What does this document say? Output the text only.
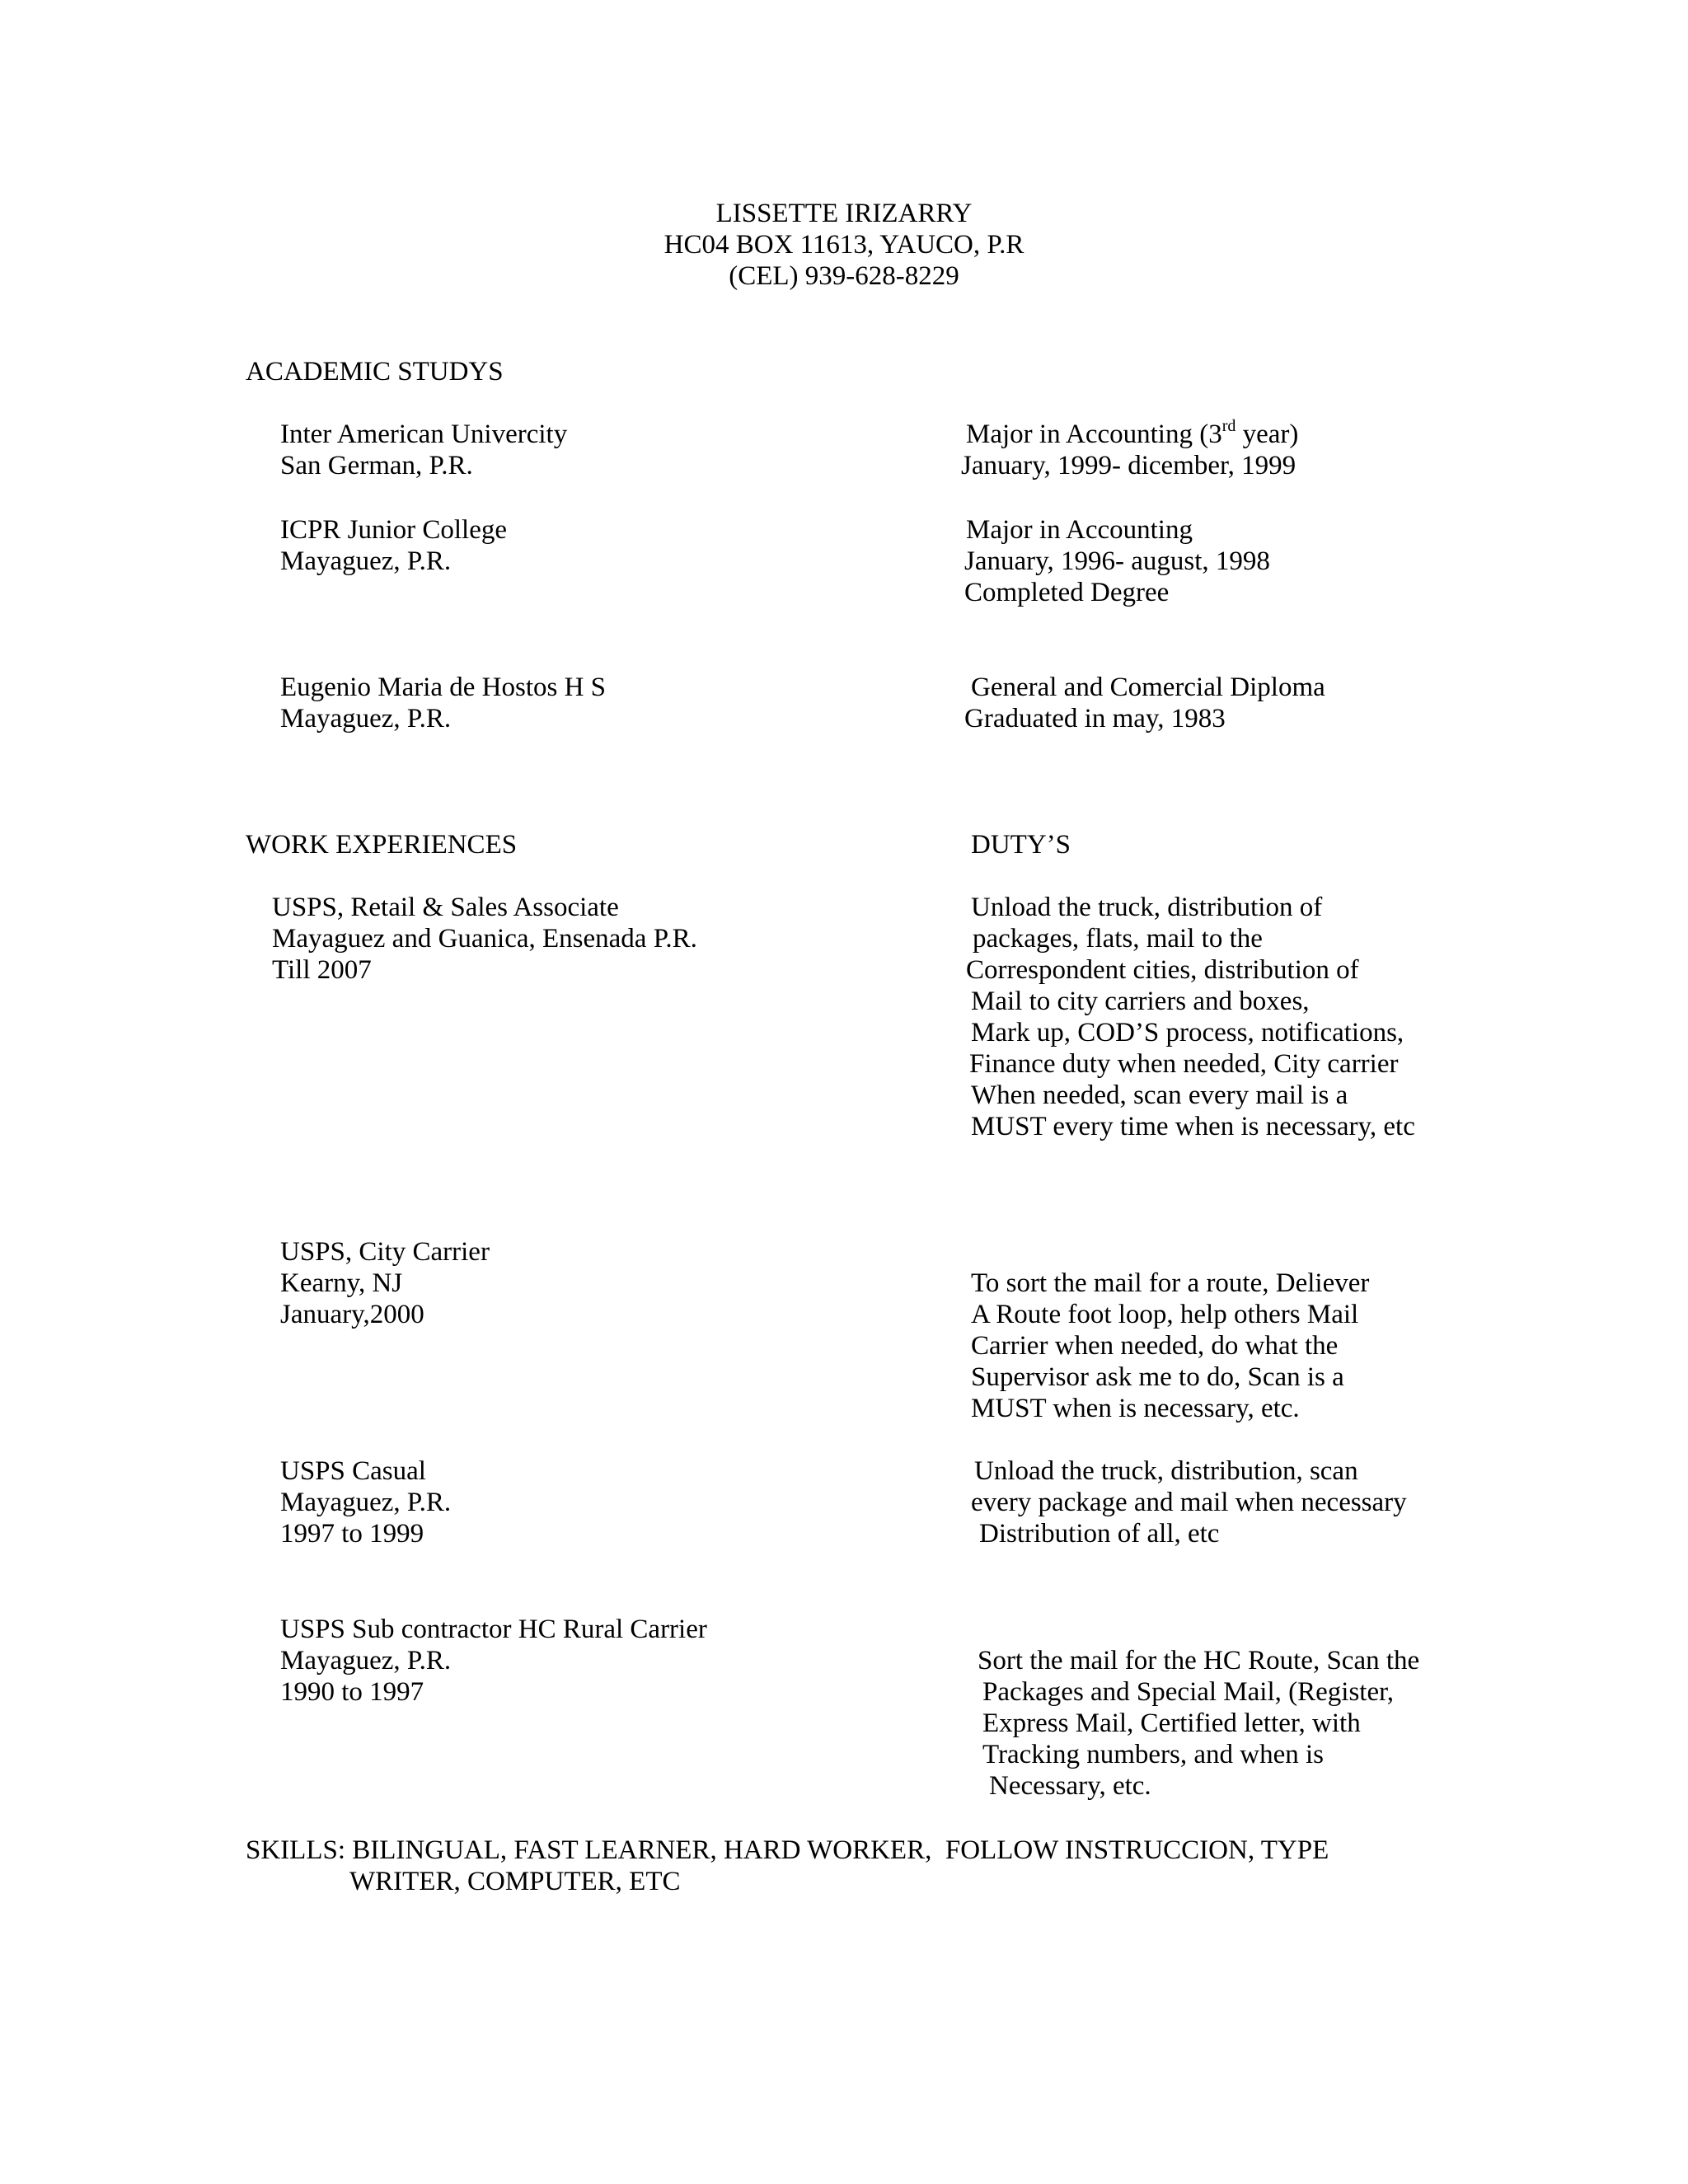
LISSETTE IRIZARRY
HC04 BOX 11613, YAUCO, P.R
(CEL) 939-628-8229
ACADEMIC STUDYS
Inter American Univercity
San German, P.R.
Major in Accounting (3rd year)
January, 1999- dicember, 1999
ICPR Junior College
Mayaguez, P.R.
Major in Accounting
January, 1996- august, 1998
Completed Degree
Eugenio Maria de Hostos H S
Mayaguez, P.R.
General and Comercial Diploma
Graduated in may, 1983
WORK EXPERIENCES	DUTY’S
USPS, Retail & Sales Associate
Mayaguez and Guanica, Ensenada P.R.
Till 2007
Unload the truck, distribution of
packages, flats, mail to the
Correspondent cities, distribution of
Mail to city carriers and boxes,
Mark up, COD’S process, notifications,
Finance duty when needed, City carrier
When needed, scan every mail is a
MUST every time when is necessary, etc
USPS, City Carrier
Kearny, NJ
January,2000
To sort the mail for a route, Deliever
A Route foot loop, help others Mail
Carrier when needed, do what the
Supervisor ask me to do, Scan is a
MUST when is necessary, etc.
USPS Casual
Mayaguez, P.R.
1997 to 1999
Unload the truck, distribution, scan
every package and mail when necessary
Distribution of all, etc
USPS Sub contractor HC Rural Carrier
Mayaguez, P.R.
1990 to 1997
Sort the mail for the HC Route, Scan the
Packages and Special Mail, (Register,
Express Mail, Certified letter, with
Tracking numbers, and when is
Necessary, etc.
SKILLS: BILINGUAL, FAST LEARNER, HARD WORKER,  FOLLOW INSTRUCCION, TYPE
WRITER, COMPUTER, ETC
